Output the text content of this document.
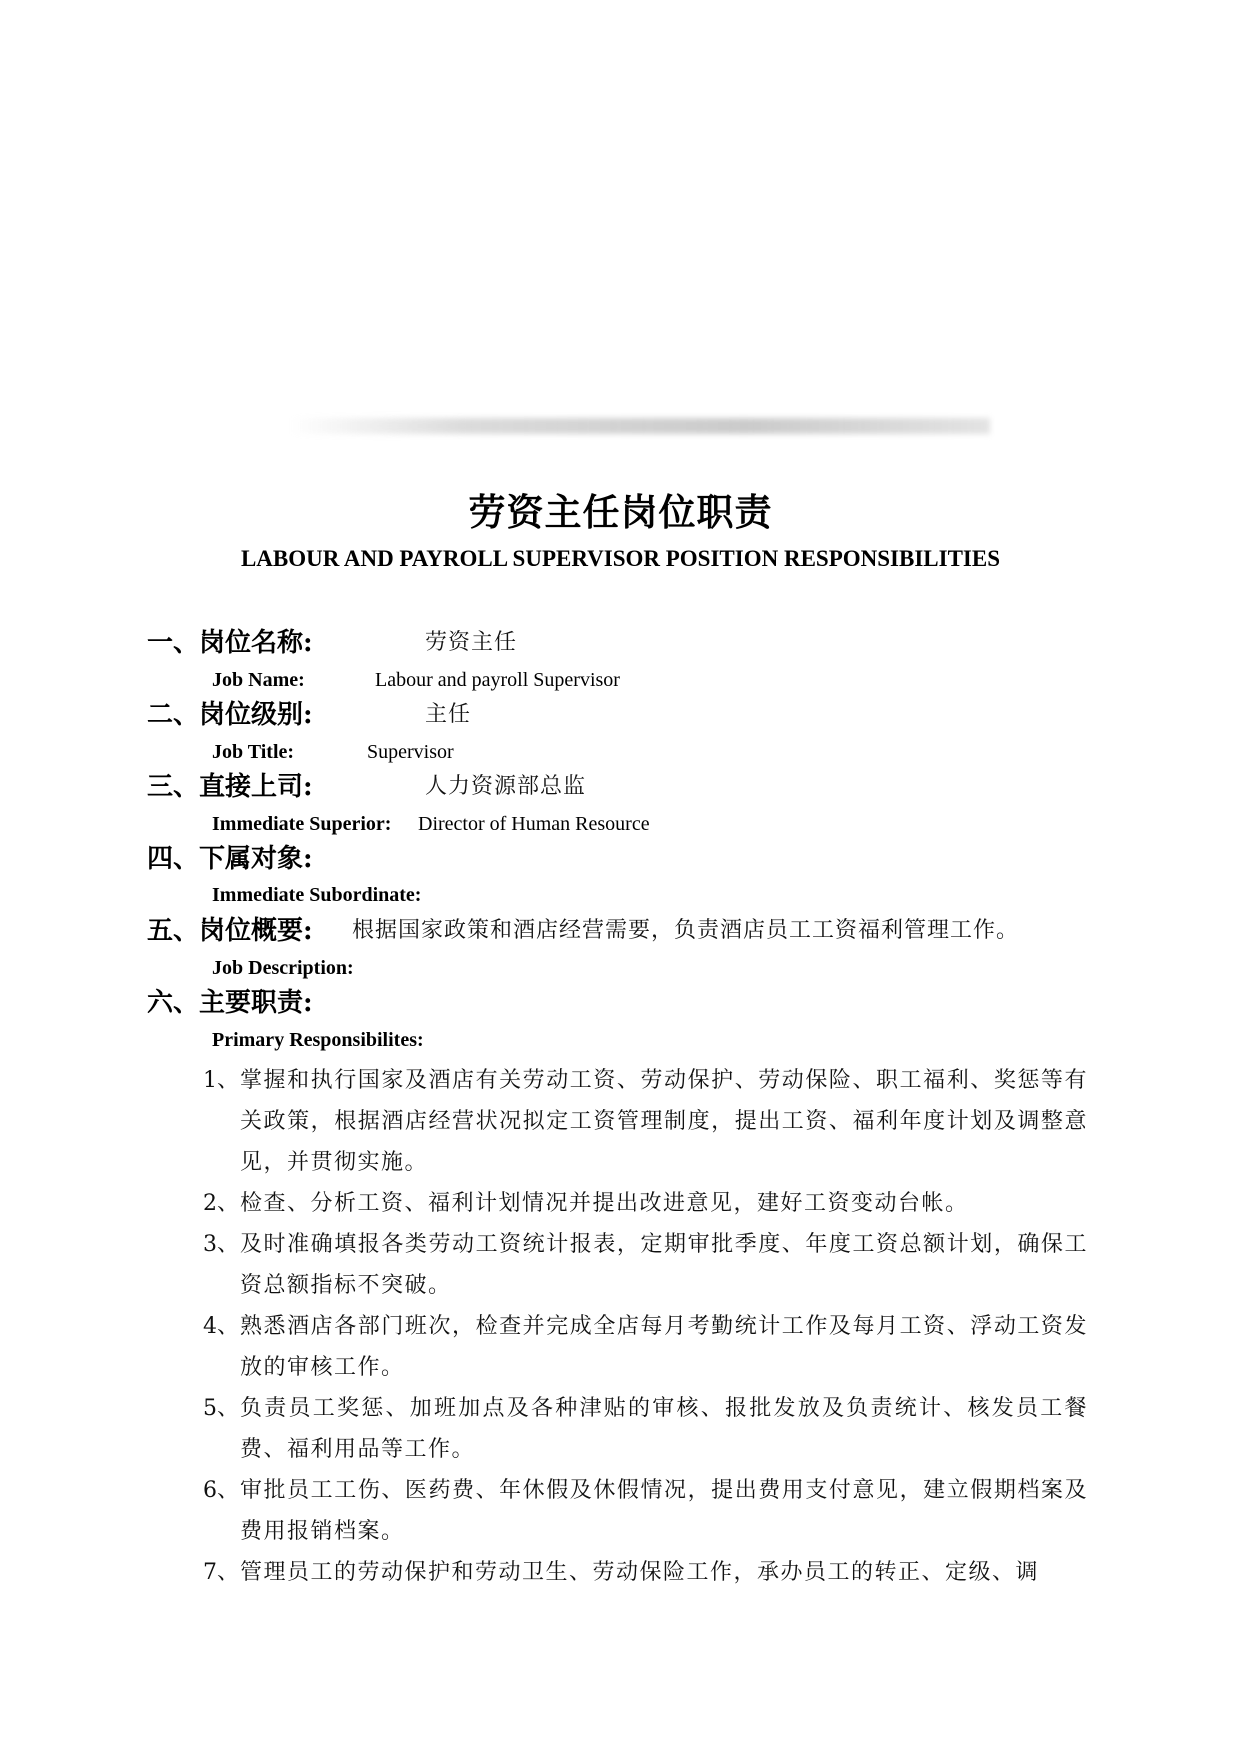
劳资主任岗位职责
LABOUR AND PAYROLL SUPERVISOR POSITION RESPONSIBILITIES
一、岗位名称:	劳资主任
Job Name:	Labour and payroll Supervisor
二、岗位级别:	主任
Job Title:	Supervisor
三、直接上司:	人力资源部总监
Immediate Superior: Director of Human Resource
四、下属对象:
Immediate Subordinate:
五、岗位概要: 根据国家政策和酒店经营需要，负责酒店员工工资福利管理工作。
Job Description:
六、主要职责:
Primary Responsibilites:
1、 掌握和执行国家及酒店有关劳动工资、劳动保护、劳动保险、职工福利、奖惩等有关政策，根据酒店经营状况拟定工资管理制度，提出工资、福利年度计划及调整意见，并贯彻实施。
2、 检查、分析工资、福利计划情况并提出改进意见，建好工资变动台帐。
3、 及时准确填报各类劳动工资统计报表，定期审批季度、年度工资总额计划，确保工资总额指标不突破。
4、 熟悉酒店各部门班次，检查并完成全店每月考勤统计工作及每月工资、浮动工资发放的审核工作。
5、 负责员工奖惩、加班加点及各种津贴的审核、报批发放及负责统计、核发员工餐费、福利用品等工作。
6、 审批员工工伤、医药费、年休假及休假情况，提出费用支付意见，建立假期档案及费用报销档案。
7、 管理员工的劳动保护和劳动卫生、劳动保险工作，承办员工的转正、定级、调
